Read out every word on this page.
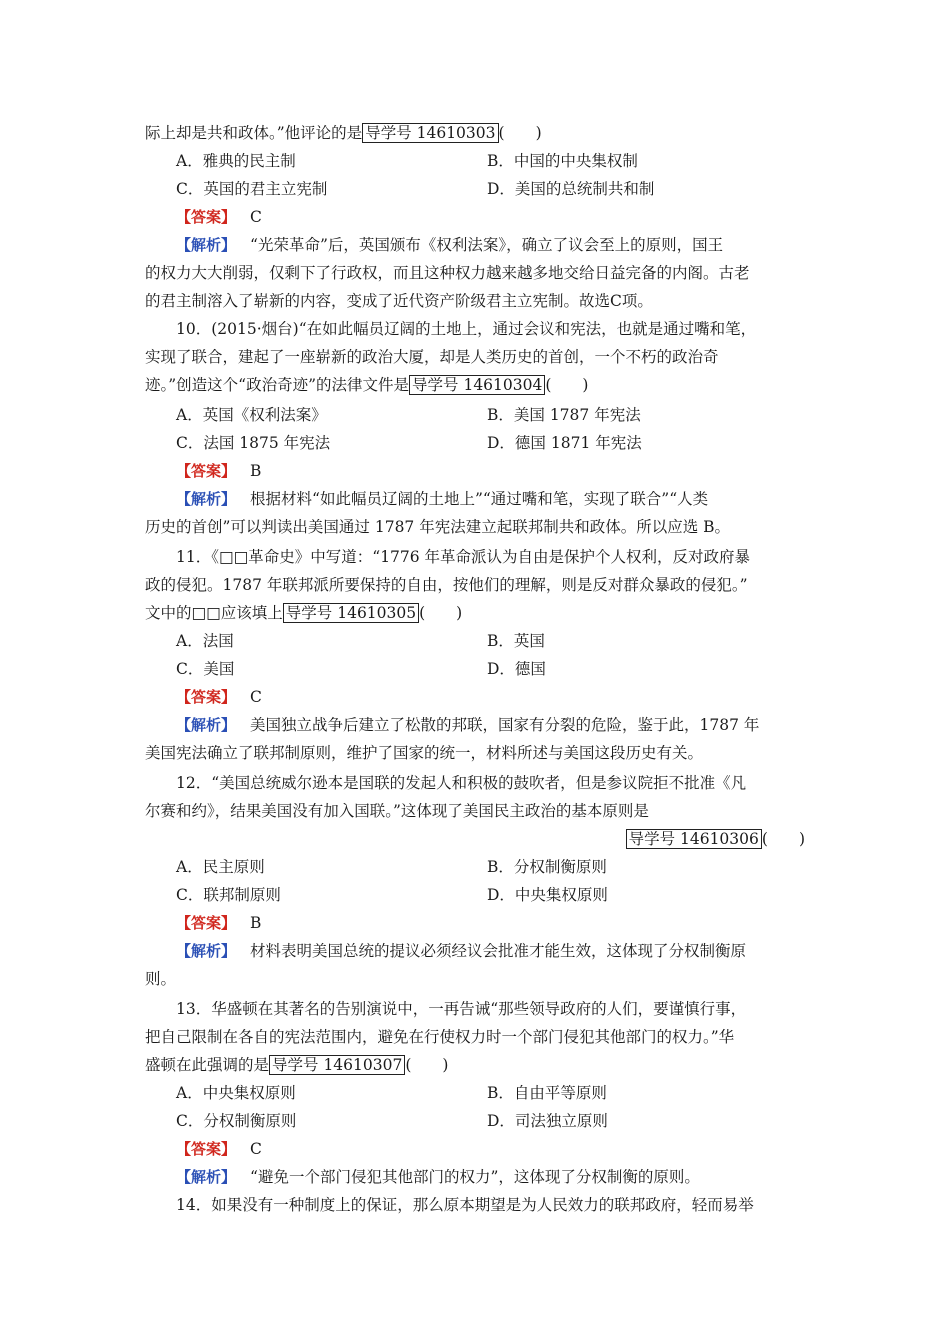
际上却是共和政体。”他评论的是 导学号 14610303 (　　)
A．雅典的民主制	B．中国的中央集权制
C．英国的君主立宪制	D．美国的总统制共和制
【答案】 C
【解析】 “光荣革命”后，英国颁布《权利法案》，确立了议会至上的原则，国王
的权力大大削弱，仅剩下了行政权，而且这种权力越来越多地交给日益完备的内阁。古老
的君主制溶入了崭新的内容，变成了近代资产阶级君主立宪制。故选C项。
10．(2015·烟台)“在如此幅员辽阔的土地上，通过会议和宪法，也就是通过嘴和笔，
实现了联合，建起了一座崭新的政治大厦，却是人类历史的首创，一个不朽的政治奇
迹。”创造这个“政治奇迹”的法律文件是 导学号 14610304 (　　)
A．英国《权利法案》	B．美国 1787 年宪法
C．法国 1875 年宪法	D．德国 1871 年宪法
【答案】 B
【解析】 根据材料“如此幅员辽阔的土地上”“通过嘴和笔，实现了联合”“人类
历史的首创”可以判读出美国通过 1787 年宪法建立起联邦制共和政体。所以应选 B。
11．《□□革命史》中写道：“1776 年革命派认为自由是保护个人权利，反对政府暴
政的侵犯。1787 年联邦派所要保持的自由，按他们的理解，则是反对群众暴政的侵犯。”
文中的□□应该填上 导学号 14610305 (　　)
A．法国	B．英国
C．美国	D．德国
【答案】 C
【解析】 美国独立战争后建立了松散的邦联，国家有分裂的危险，鉴于此，1787 年
美国宪法确立了联邦制原则，维护了国家的统一，材料所述与美国这段历史有关。
12．“美国总统威尔逊本是国联的发起人和积极的鼓吹者，但是参议院拒不批准《凡
尔赛和约》，结果美国没有加入国联。”这体现了美国民主政治的基本原则是
导学号 14610306 (　　)
A．民主原则	B．分权制衡原则
C．联邦制原则	D．中央集权原则
【答案】 B
【解析】 材料表明美国总统的提议必须经议会批准才能生效，这体现了分权制衡原
则。
13．华盛顿在其著名的告别演说中，一再告诫“那些领导政府的人们，要谨慎行事，
把自己限制在各自的宪法范围内，避免在行使权力时一个部门侵犯其他部门的权力。”华
盛顿在此强调的是 导学号 14610307 (　　)
A．中央集权原则	B．自由平等原则
C．分权制衡原则	D．司法独立原则
【答案】 C
【解析】 “避免一个部门侵犯其他部门的权力”，这体现了分权制衡的原则。
14．如果没有一种制度上的保证，那么原本期望是为人民效力的联邦政府，轻而易举
